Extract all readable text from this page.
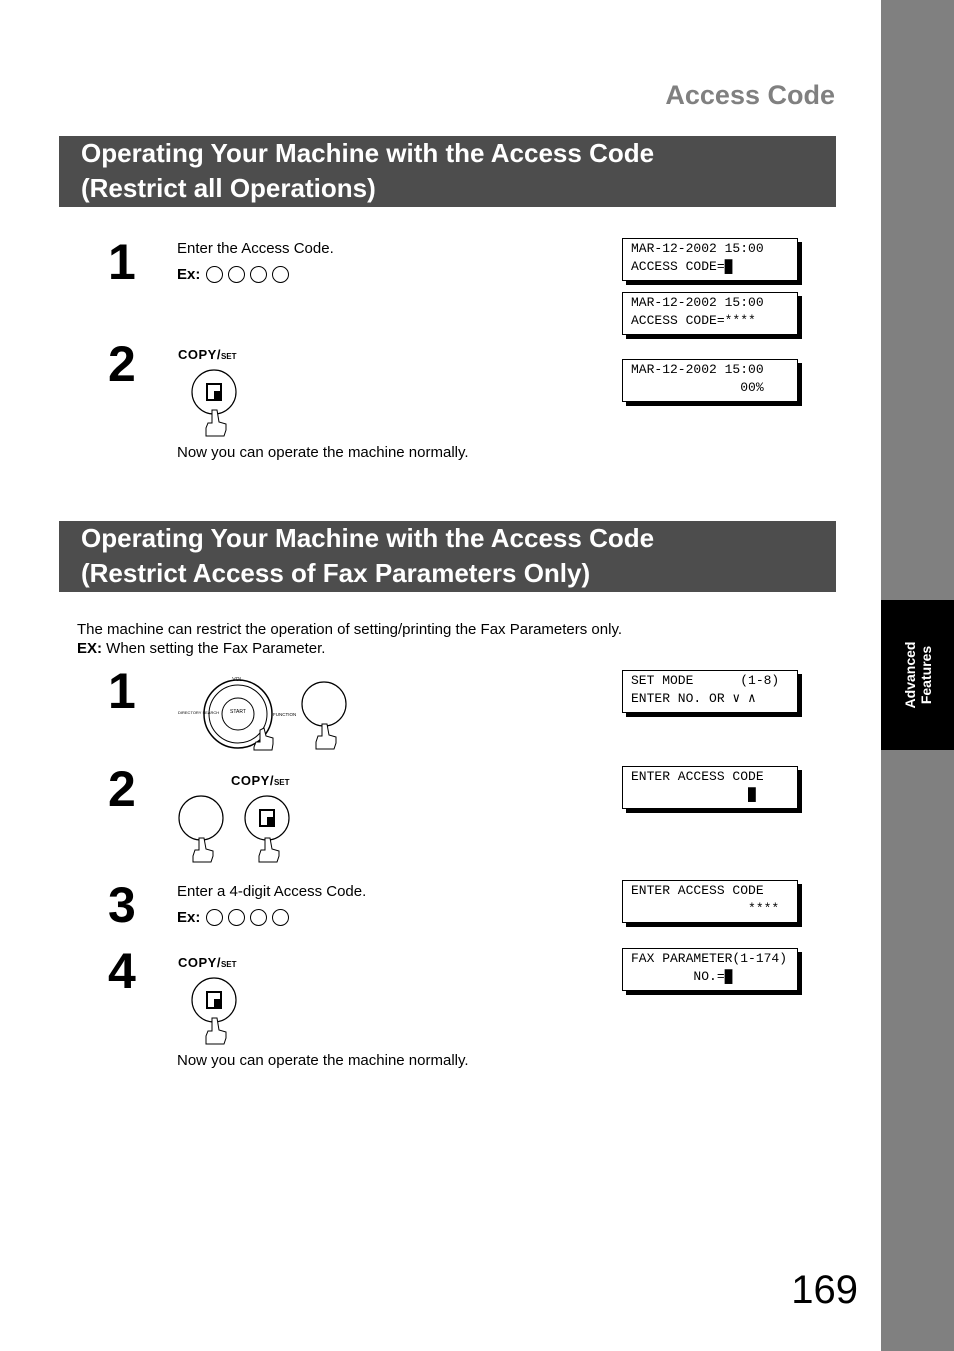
Advanced
Features
Access Code
Operating Your Machine with the Access Code
(Restrict all Operations)
1	Enter the Access Code.
Ex:
2	COPY/SET
Now you can operate the machine normally.
MAR-12-2002 15:00
ACCESS CODE=█
MAR-12-2002 15:00
ACCESS CODE=****
MAR-12-2002 15:00
00%
Operating Your Machine with the Access Code
(Restrict Access of Fax Parameters Only)
The machine can restrict the operation of setting/printing the Fax Parameters only.
EX: When setting the Fax Parameter.
1	START
VOL.
DIRECTORY SEARCH	FUNCTION
2	COPY/SET
3	Enter a 4-digit Access Code.
Ex:
4	COPY/SET
Now you can operate the machine normally.
SET MODE      (1-8)
ENTER NO. OR ∨ ∧
ENTER ACCESS CODE
█
ENTER ACCESS CODE
****
FAX PARAMETER(1-174)
NO.=█
169
